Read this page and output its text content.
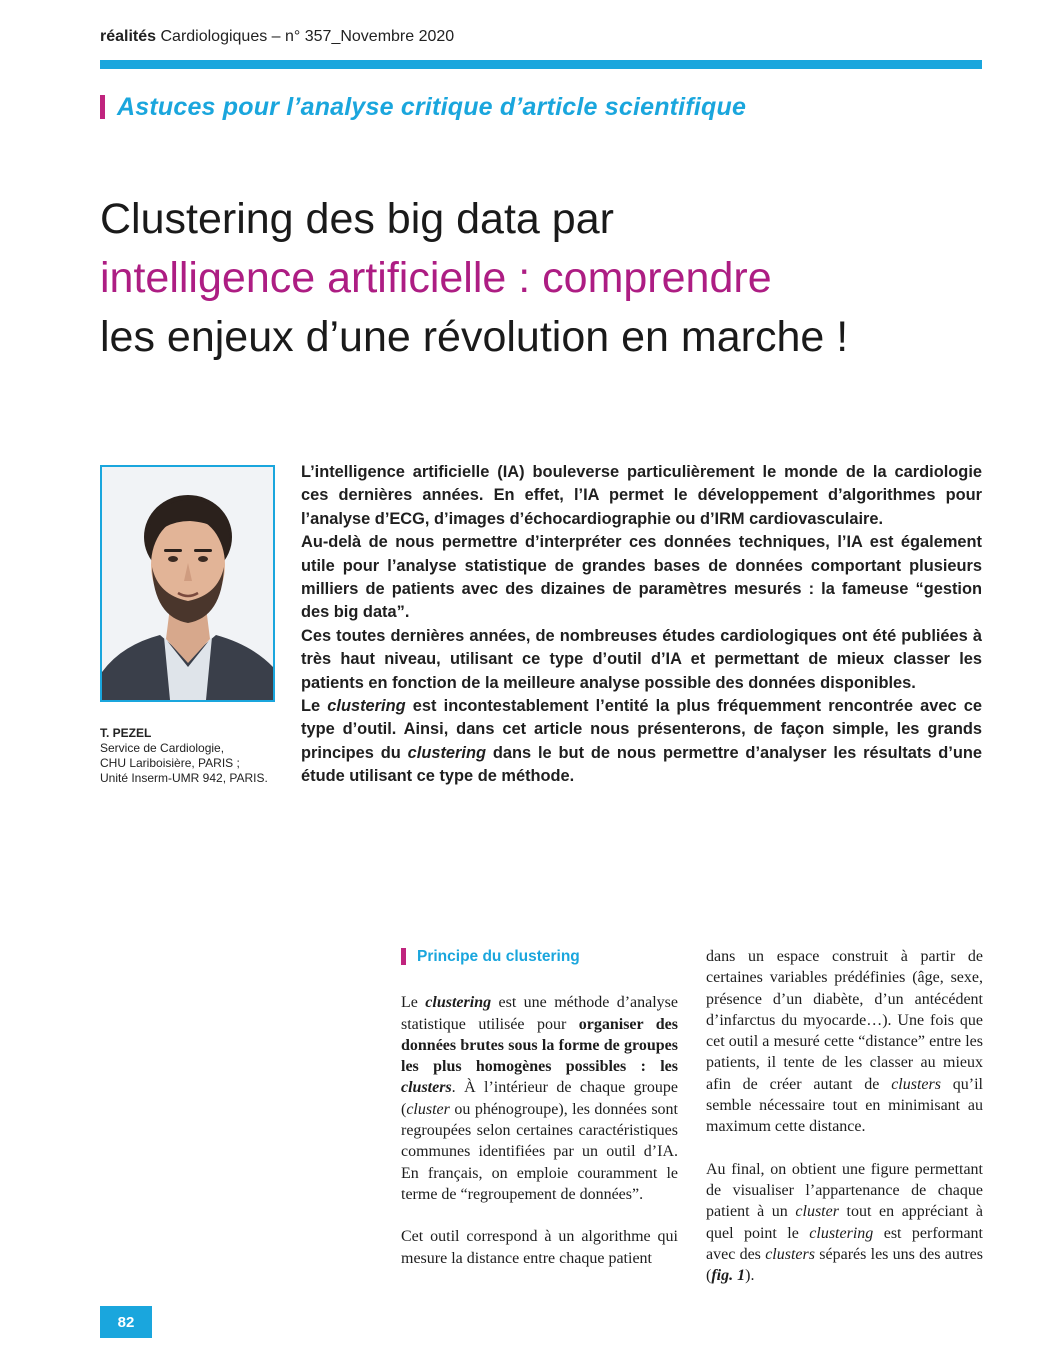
réalités Cardiologiques – n° 357_Novembre 2020
Astuces pour l’analyse critique d’article scientifique
Clustering des big data par
intelligence artificielle : comprendre
les enjeux d’une révolution en marche !
T. PEZEL
Service de Cardiologie,
CHU Lariboisière, PARIS ;
Unité Inserm-UMR 942, PARIS.

L’intelligence artificielle (IA) bouleverse particulièrement le monde de la cardiologie ces dernières années. En effet, l’IA permet le développement d’algorithmes pour l’analyse d’ECG, d’images d’échocardiographie ou d’IRM cardiovasculaire.

Au-delà de nous permettre d’interpréter ces données techniques, l’IA est également utile pour l’analyse statistique de grandes bases de données comportant plusieurs milliers de patients avec des dizaines de paramètres mesurés : la fameuse “gestion des big data”.

Ces toutes dernières années, de nombreuses études cardiologiques ont été publiées à très haut niveau, utilisant ce type d’outil d’IA et permettant de mieux classer les patients en fonction de la meilleure analyse possible des données disponibles.

Le clustering est incontestablement l’entité la plus fréquemment rencontrée avec ce type d’outil. Ainsi, dans cet article nous présenterons, de façon simple, les grands principes du clustering dans le but de nous permettre d’analyser les résultats d’une étude utilisant ce type de méthode.

Principe du clustering

Le clustering est une méthode d’analyse statistique utilisée pour organiser des données brutes sous la forme de groupes les plus homogènes possibles : les clusters. À l’intérieur de chaque groupe (cluster ou phénogroupe), les données sont regroupées selon certaines caractéristiques communes identifiées par un outil d’IA. En français, on emploie couramment le terme de “regroupement de données”.

Cet outil correspond à un algorithme qui mesure la distance entre chaque patient

dans un espace construit à partir de certaines variables prédéfinies (âge, sexe, présence d’un diabète, d’un antécédent d’infarctus du myocarde…). Une fois que cet outil a mesuré cette “distance” entre les patients, il tente de les classer au mieux afin de créer autant de clusters qu’il semble nécessaire tout en minimisant au maximum cette distance.

Au final, on obtient une figure permettant de visualiser l’appartenance de chaque patient à un cluster tout en appréciant à quel point le clustering est performant avec des clusters séparés les uns des autres (fig. 1).

82
